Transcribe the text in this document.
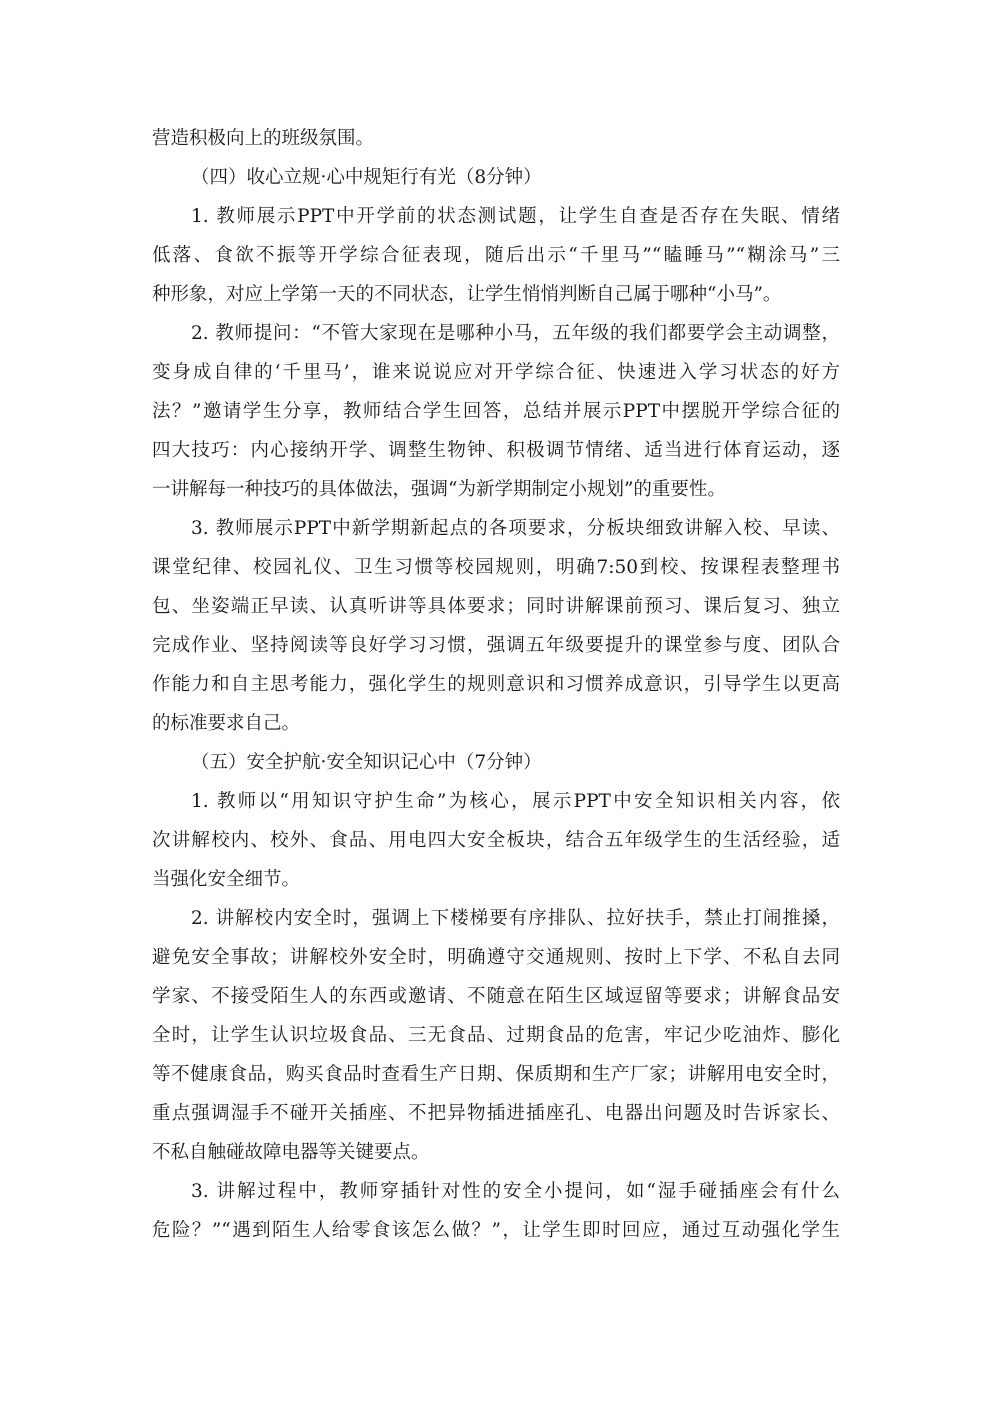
营造积极向上的班级氛围。
（四）收心立规·心中规矩行有光（8分钟）
1. 教师展示PPT中开学前的状态测试题，让学生自查是否存在失眠、情绪
低落、食欲不振等开学综合征表现，随后出示“千里马”“瞌睡马”“糊涂马”三
种形象，对应上学第一天的不同状态，让学生悄悄判断自己属于哪种“小马”。
2. 教师提问：“不管大家现在是哪种小马，五年级的我们都要学会主动调整，
变身成自律的‘千里马’，谁来说说应对开学综合征、快速进入学习状态的好方
法？”邀请学生分享，教师结合学生回答，总结并展示PPT中摆脱开学综合征的
四大技巧：内心接纳开学、调整生物钟、积极调节情绪、适当进行体育运动，逐
一讲解每一种技巧的具体做法，强调“为新学期制定小规划”的重要性。
3. 教师展示PPT中新学期新起点的各项要求，分板块细致讲解入校、早读、
课堂纪律、校园礼仪、卫生习惯等校园规则，明确7:50到校、按课程表整理书
包、坐姿端正早读、认真听讲等具体要求；同时讲解课前预习、课后复习、独立
完成作业、坚持阅读等良好学习习惯，强调五年级要提升的课堂参与度、团队合
作能力和自主思考能力，强化学生的规则意识和习惯养成意识，引导学生以更高
的标准要求自己。
（五）安全护航·安全知识记心中（7分钟）
1. 教师以“用知识守护生命”为核心，展示PPT中安全知识相关内容，依
次讲解校内、校外、食品、用电四大安全板块，结合五年级学生的生活经验，适
当强化安全细节。
2. 讲解校内安全时，强调上下楼梯要有序排队、拉好扶手，禁止打闹推搡，
避免安全事故；讲解校外安全时，明确遵守交通规则、按时上下学、不私自去同
学家、不接受陌生人的东西或邀请、不随意在陌生区域逗留等要求；讲解食品安
全时，让学生认识垃圾食品、三无食品、过期食品的危害，牢记少吃油炸、膨化
等不健康食品，购买食品时查看生产日期、保质期和生产厂家；讲解用电安全时，
重点强调湿手不碰开关插座、不把异物插进插座孔、电器出问题及时告诉家长、
不私自触碰故障电器等关键要点。
3. 讲解过程中，教师穿插针对性的安全小提问，如“湿手碰插座会有什么
危险？”“遇到陌生人给零食该怎么做？”，让学生即时回应，通过互动强化学生
